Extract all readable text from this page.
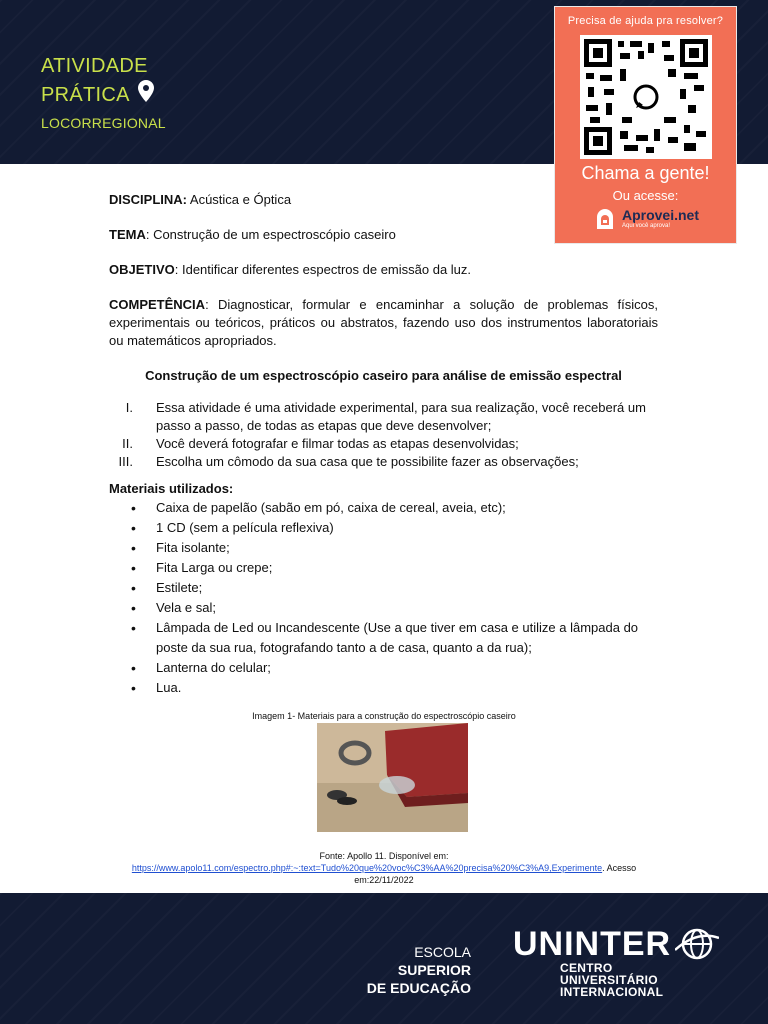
ATIVIDADE
PRÁTICA
LOCORREGIONAL
Precisa de ajuda pra resolver?
Chama a gente!
Ou acesse:
Aprovei.net
Aqui você aprova!

DISCIPLINA: Acústica e Óptica

TEMA: Construção de um espectroscópio caseiro

OBJETIVO: Identificar diferentes espectros de emissão da luz.

COMPETÊNCIA: Diagnosticar, formular e encaminhar a solução de problemas físicos, experimentais ou teóricos, práticos ou abstratos, fazendo uso dos instrumentos laboratoriais ou matemáticos apropriados.

Construção de um espectroscópio caseiro para análise de emissão espectral

I. Essa atividade é uma atividade experimental, para sua realização, você receberá um passo a passo, de todas as etapas que deve desenvolver;
II. Você deverá fotografar e filmar todas as etapas desenvolvidas;
III. Escolha um cômodo da sua casa que te possibilite fazer as observações;

Materiais utilizados:

• Caixa de papelão (sabão em pó, caixa de cereal, aveia, etc);
• 1 CD (sem a película reflexiva)
• Fita isolante;
• Fita Larga ou crepe;
• Estilete;
• Vela e sal;
• Lâmpada de Led ou Incandescente (Use a que tiver em casa e utilize a lâmpada do poste da sua rua, fotografando tanto a de casa, quanto a da rua);
• Lanterna do celular;
• Lua.
Imagem 1- Materiais para a construção do espectroscópio caseiro
Fonte: Apollo 11. Disponível em:
https://www.apolo11.com/espectro.php#:~:text=Tudo%20que%20voc%C3%AA%20precisa%20%C3%A9,Experimente. Acesso em:22/11/2022
ESCOLA SUPERIOR
DE EDUCAÇÃO
UNINTER
CENTRO
UNIVERSITÁRIO
INTERNACIONAL
